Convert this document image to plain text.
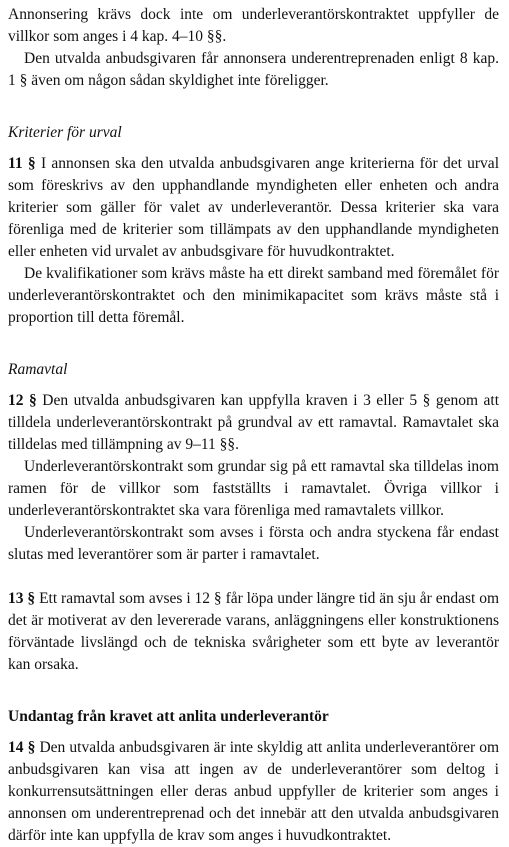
Annonsering krävs dock inte om underleverantörskontraktet uppfyller de villkor som anges i 4 kap. 4–10 §§.

Den utvalda anbudsgivaren får annonsera underentreprenaden enligt 8 kap. 1 § även om någon sådan skyldighet inte föreligger.

Kriterier för urval

11 § I annonsen ska den utvalda anbudsgivaren ange kriterierna för det urval som föreskrivs av den upphandlande myndigheten eller enheten och andra kriterier som gäller för valet av underleverantör. Dessa kriterier ska vara förenliga med de kriterier som tillämpats av den upphandlande myndigheten eller enheten vid urvalet av anbudsgivare för huvudkontraktet.

De kvalifikationer som krävs måste ha ett direkt samband med föremålet för underleverantörskontraktet och den minimikapacitet som krävs måste stå i proportion till detta föremål.

Ramavtal

12 § Den utvalda anbudsgivaren kan uppfylla kraven i 3 eller 5 § genom att tilldela underleverantörskontrakt på grundval av ett ramavtal. Ramavtalet ska tilldelas med tillämpning av 9–11 §§.

Underleverantörskontrakt som grundar sig på ett ramavtal ska tilldelas inom ramen för de villkor som fastställts i ramavtalet. Övriga villkor i underleverantörskontraktet ska vara förenliga med ramavtalets villkor.

Underleverantörskontrakt som avses i första och andra styckena får endast slutas med leverantörer som är parter i ramavtalet.

13 § Ett ramavtal som avses i 12 § får löpa under längre tid än sju år endast om det är motiverat av den levererade varans, anläggningens eller konstruktionens förväntade livslängd och de tekniska svårigheter som ett byte av leverantör kan orsaka.

Undantag från kravet att anlita underleverantör

14 § Den utvalda anbudsgivaren är inte skyldig att anlita underleverantörer om anbudsgivaren kan visa att ingen av de underleverantörer som deltog i konkurrensutsättningen eller deras anbud uppfyller de kriterier som anges i annonsen om underentreprenad och det innebär att den utvalda anbudsgivaren därför inte kan uppfylla de krav som anges i huvudkontraktet.
